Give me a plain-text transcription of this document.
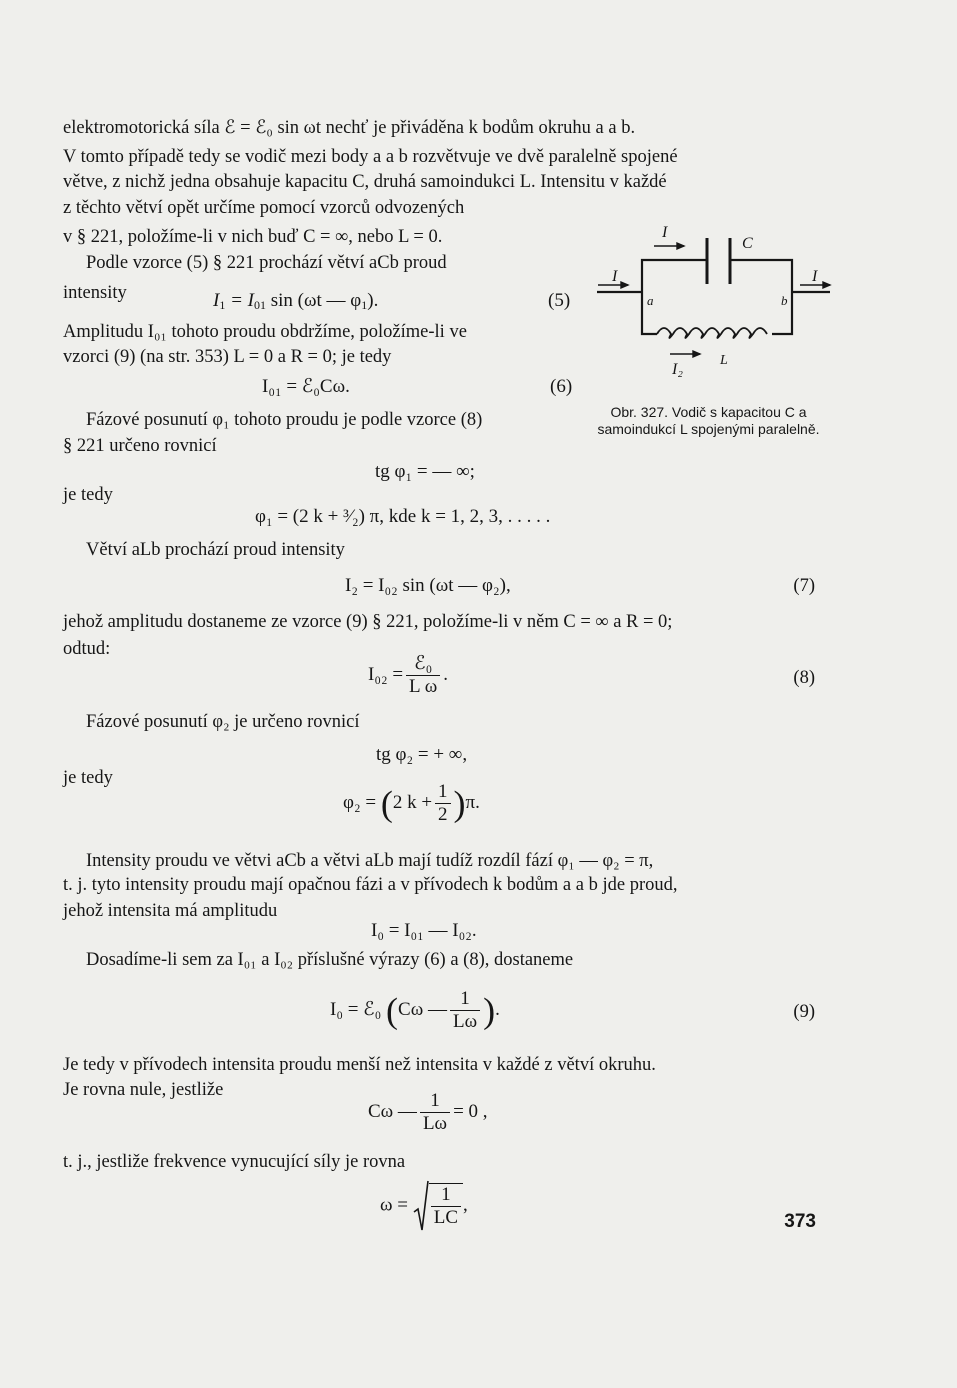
elektromotorická síla ℰ = ℰ₀ sin ωt nechť je přiváděna k bodům okruhu a a b.
V tomto případě tedy se vodič mezi body a a b rozvětvuje ve dvě paralelně spojené
větve, z nichž jedna obsahuje kapacitu C, druhá samoindukci L. Intensitu v každé
z těchto větví opět určíme pomocí vzorců odvozených
v § 221, položíme-li v nich buď C = ∞, nebo L = 0.
Podle vzorce (5) § 221 prochází větví aCb proud
intensity	$I_1 = I_{01}$ sin (ωt — $\varphi_1$).	(5)
Amplitudu I₀₁ tohoto proudu obdržíme, položíme-li ve
vzorci (9) (na str. 353) L = 0 a R = 0; je tedy
I₀₁ = ℰ₀Cω.	(6)
Fázové posunutí φ₁ tohoto proudu je podle vzorce (8)
§ 221 určeno rovnicí
tg φ₁ = — ∞;
je tedy
φ₁ = (2 k + ³⁄₂) π, kde k = 1, 2, 3, . . . . .
Větví aLb prochází proud intensity
I₂ = I₀₂ sin (ωt — φ₂),	(7)
jehož amplitudu dostaneme ze vzorce (9) § 221, položíme-li v něm C = ∞ a R = 0;
odtud:
$I_{02} = \frac{\text{ℰ₀}}{\text{L ω}}$ .	(8)
Fázové posunutí φ₂ je určeno rovnicí
tg φ₂ = + ∞,
je tedy
φ₂ = (2 $k + \frac{1}{2} )\pi$.
Intensity proudu ve větvi aCb a větvi aLb mají tudíž rozdíl fází φ₁ — φ₂ = π,
t. j. tyto intensity proudu mají opačnou fázi a v přívodech k bodům a a b jde proud,
jehož intensita má amplitudu
I₀ = I₀₁ — I₀₂.
Dosadíme-li sem za I₀₁ a I₀₂ příslušné výrazy (6) a (8), dostaneme
I₀ = ℰ₀ (Cω — $\frac{1}{L\omega}$ ).	(9)
Je tedy v přívodech intensita proudu menší než intensita v každé z větví okruhu.
Je rovna nule, jestliže
Cω — $\frac{1}{L\omega} = 0$ ,
t. j., jestliže frekvence vynucující síly je rovna
$\omega = \frac{1}{LC}$ ,
I
C
I
a	b
I
I₂
L
Obr. 327. Vodič s kapacitou C a samoindukcí L spojenými paralelně.
373
